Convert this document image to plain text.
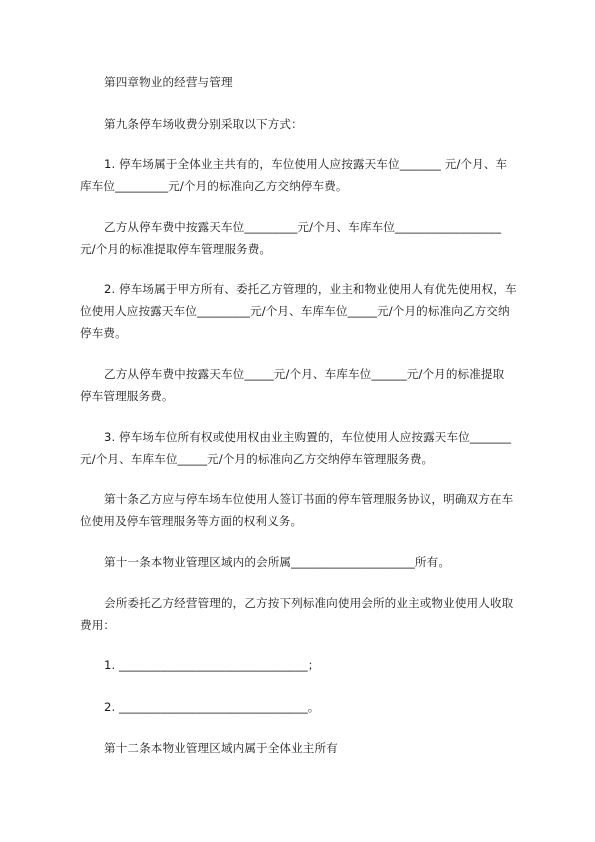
第四章物业的经营与管理
第九条停车场收费分别采取以下方式：
1. 停车场属于全体业主共有的，车位使用人应按露天车位_______ 元/个月、车
库车位_________元/个月的标准向乙方交纳停车费。
乙方从停车费中按露天车位_________元/个月、车库车位__________________
元/个月的标准提取停车管理服务费。
2. 停车场属于甲方所有、委托乙方管理的，业主和物业使用人有优先使用权，车
位使用人应按露天车位_________元/个月、车库车位_____元/个月的标准向乙方交纳
停车费。
乙方从停车费中按露天车位_____元/个月、车库车位______元/个月的标准提取
停车管理服务费。
3. 停车场车位所有权或使用权由业主购置的，车位使用人应按露天车位_______
元/个月、车库车位_____元/个月的标准向乙方交纳停车管理服务费。
第十条乙方应与停车场车位使用人签订书面的停车管理服务协议，明确双方在车
位使用及停车管理服务等方面的权利义务。
第十一条本物业管理区域内的会所属_____________________所有。
会所委托乙方经营管理的，乙方按下列标准向使用会所的业主或物业使用人收取
费用：
1. ________________________________；
2. ________________________________。
第十二条本物业管理区域内属于全体业主所有
